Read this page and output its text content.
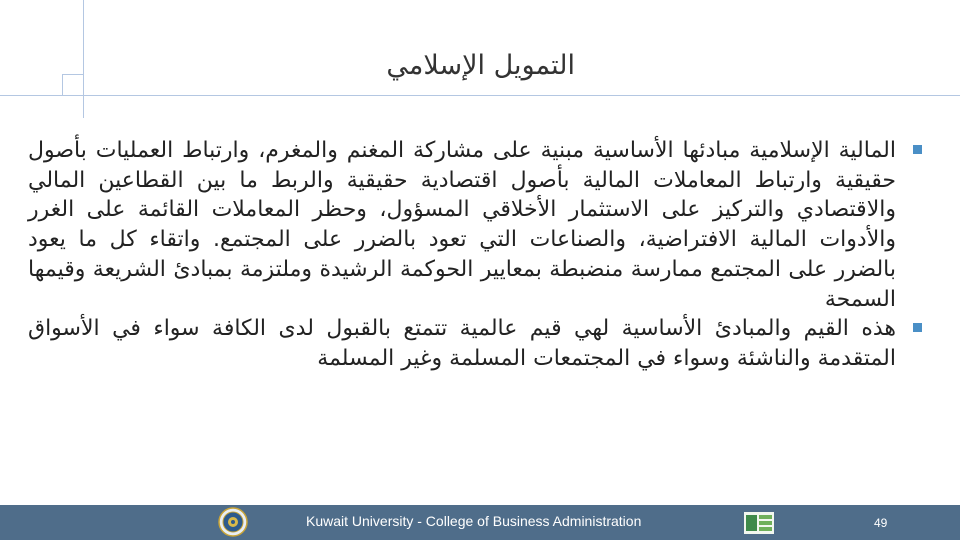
التمويل الإسلامي

المالية الإسلامية مبادئها الأساسية مبنية على مشاركة المغنم والمغرم، وارتباط العمليات بأصول حقيقية وارتباط المعاملات المالية بأصول اقتصادية حقيقية والربط ما بين القطاعين المالي والاقتصادي والتركيز على الاستثمار الأخلاقي المسؤول، وحظر المعاملات القائمة على الغرر والأدوات المالية الافتراضية، والصناعات التي تعود بالضرر على المجتمع. واتقاء كل ما يعود بالضرر على المجتمع ممارسة منضبطة بمعايير الحوكمة الرشيدة وملتزمة بمبادئ الشريعة وقيمها السمحة

هذه القيم والمبادئ الأساسية لهي قيم عالمية تتمتع بالقبول لدى الكافة سواء في الأسواق المتقدمة والناشئة وسواء في المجتمعات المسلمة وغير المسلمة

Kuwait University - College of Business Administration	49
